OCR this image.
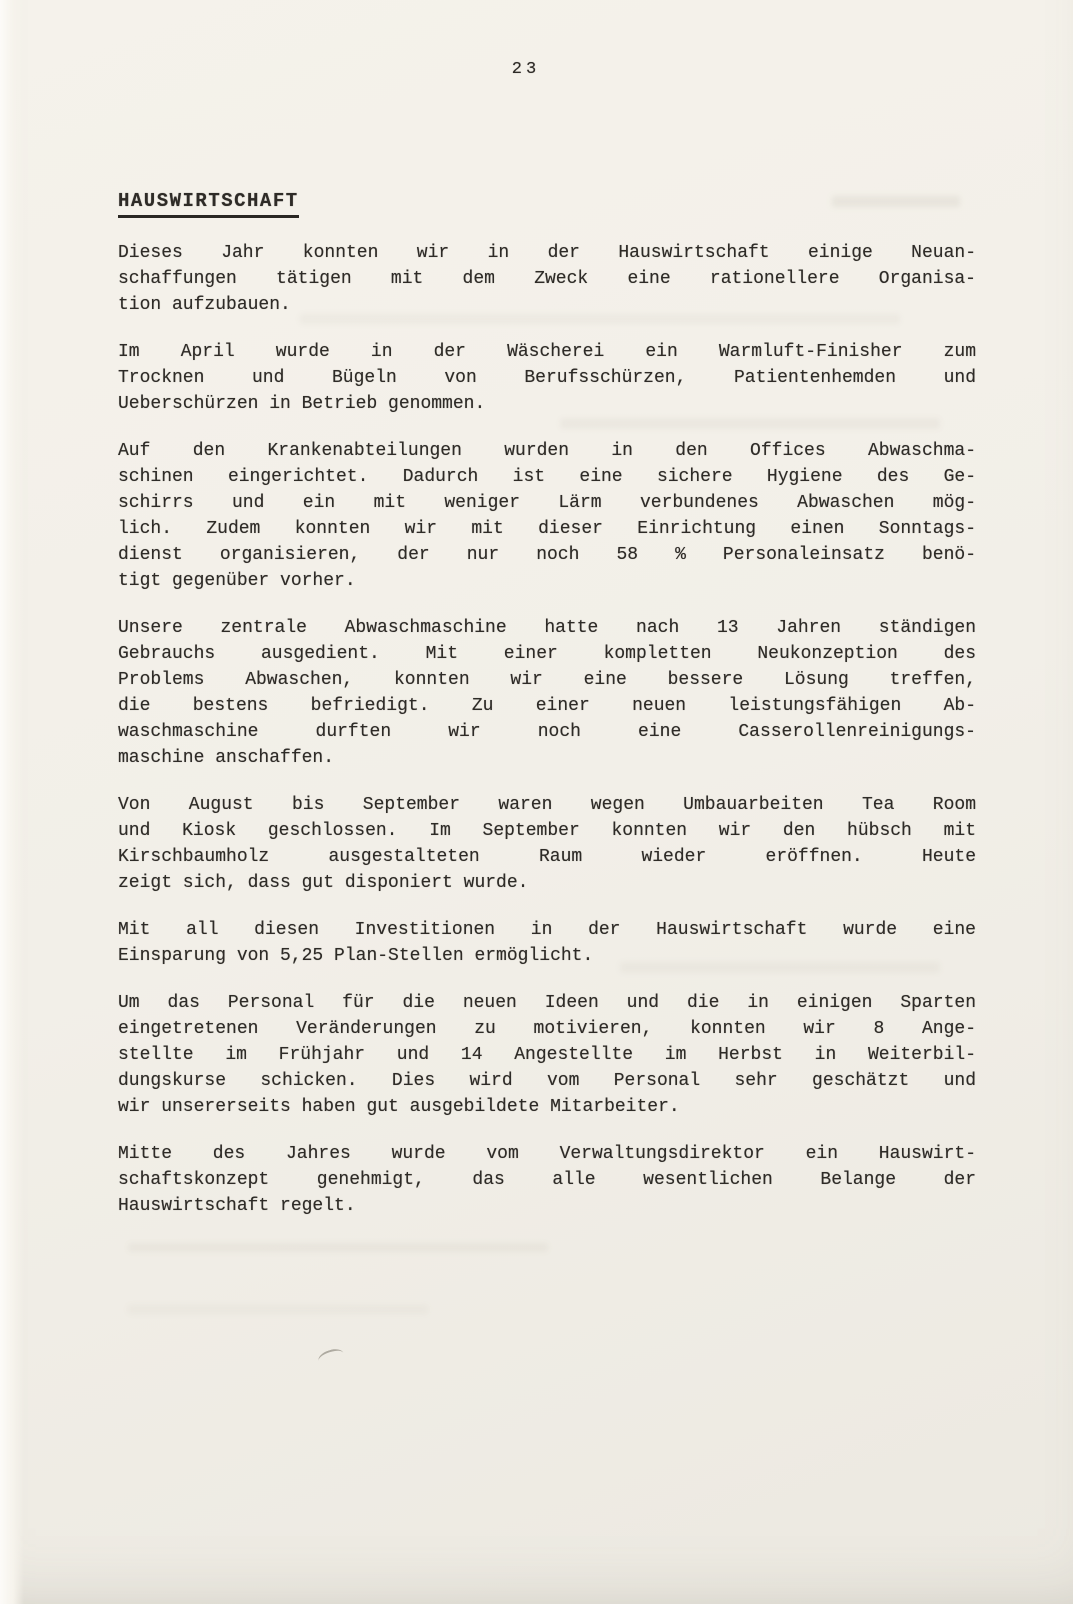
23
HAUSWIRTSCHAFT
Dieses Jahr konnten wir in der Hauswirtschaft einige Neuan-
schaffungen tätigen mit dem Zweck eine rationellere Organisa-
tion aufzubauen.
Im April wurde in der Wäscherei ein Warmluft-Finisher zum
Trocknen und Bügeln von Berufsschürzen, Patientenhemden und
Ueberschürzen in Betrieb genommen.
Auf den Krankenabteilungen wurden in den Offices Abwaschma-
schinen eingerichtet. Dadurch ist eine sichere Hygiene des Ge-
schirrs und ein mit weniger Lärm verbundenes Abwaschen mög-
lich. Zudem konnten wir mit dieser Einrichtung einen Sonntags-
dienst organisieren, der nur noch 58 % Personaleinsatz benö-
tigt gegenüber vorher.
Unsere zentrale Abwaschmaschine hatte nach 13 Jahren ständigen
Gebrauchs ausgedient. Mit einer kompletten Neukonzeption des
Problems Abwaschen, konnten wir eine bessere Lösung treffen,
die bestens befriedigt. Zu einer neuen leistungsfähigen Ab-
waschmaschine durften wir noch eine Casserollenreinigungs-
maschine anschaffen.
Von August bis September waren wegen Umbauarbeiten Tea Room
und Kiosk geschlossen. Im September konnten wir den hübsch mit
Kirschbaumholz ausgestalteten Raum wieder eröffnen. Heute
zeigt sich, dass gut disponiert wurde.
Mit all diesen Investitionen in der Hauswirtschaft wurde eine
Einsparung von 5,25 Plan-Stellen ermöglicht.
Um das Personal für die neuen Ideen und die in einigen Sparten
eingetretenen Veränderungen zu motivieren, konnten wir 8 Ange-
stellte im Frühjahr und 14 Angestellte im Herbst in Weiterbil-
dungskurse schicken. Dies wird vom Personal sehr geschätzt und
wir unsererseits haben gut ausgebildete Mitarbeiter.
Mitte des Jahres wurde vom Verwaltungsdirektor ein Hauswirt-
schaftskonzept genehmigt, das alle wesentlichen Belange der
Hauswirtschaft regelt.
